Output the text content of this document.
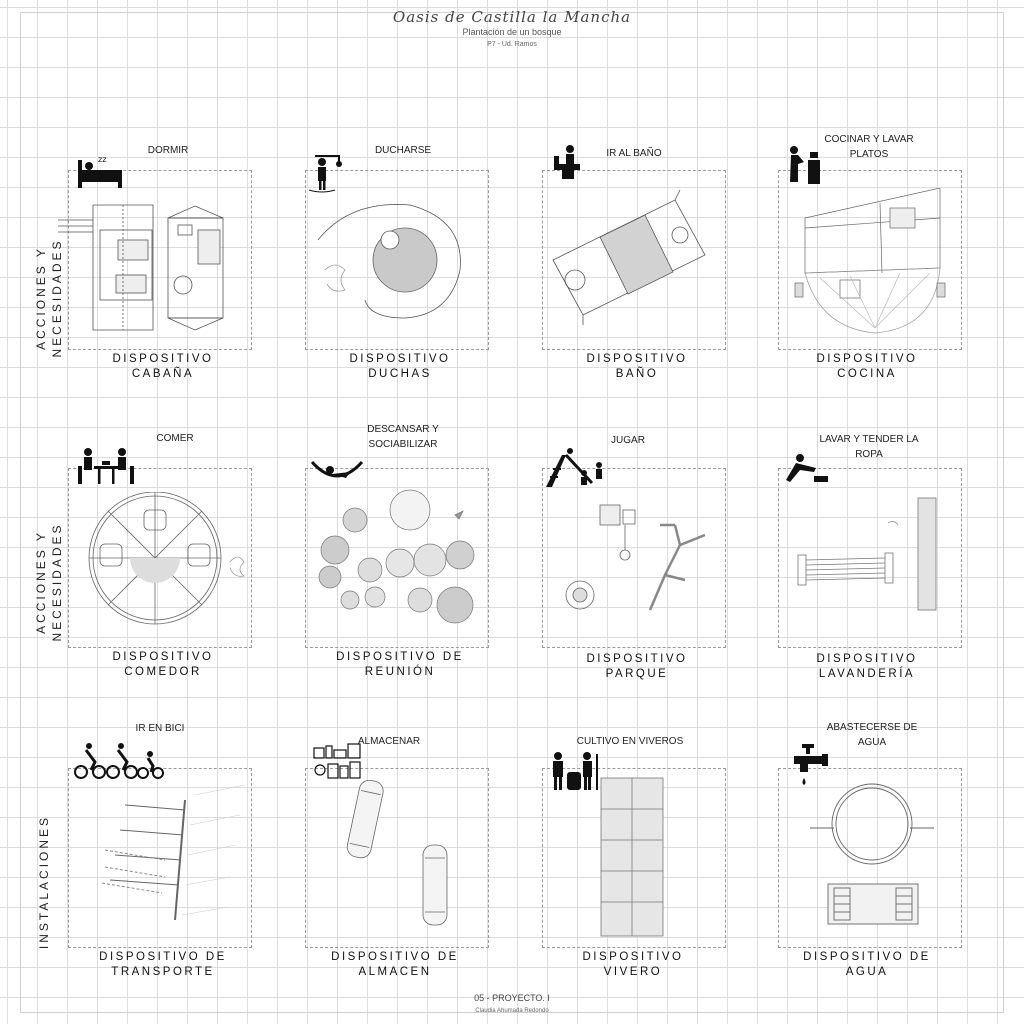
Oasis de Castilla la Mancha
Plantación de un bosque
P7 - Ud. Ramos
ACCIONES Y NECESIDADES
ACCIONES Y NECESIDADES
INSTALACIONES
DORMIR
zz
DISPOSITIVO
CABAÑA
DUCHARSE
DISPOSITIVO
DUCHAS
IR AL BAÑO
DISPOSITIVO
BAÑO
COCINAR Y LAVAR
PLATOS
DISPOSITIVO
COCINA
COMER
DISPOSITIVO
COMEDOR
DESCANSAR Y
SOCIABILIZAR
DISPOSITIVO DE
REUNIÓN
JUGAR
DISPOSITIVO
PARQUE
LAVAR Y TENDER LA
ROPA
DISPOSITIVO
LAVANDERÍA
IR EN BICI
DISPOSITIVO DE
TRANSPORTE
ALMACENAR
DISPOSITIVO DE
ALMACEN
CULTIVO EN VIVEROS
DISPOSITIVO
VIVERO
ABASTECERSE DE
AGUA
DISPOSITIVO DE
AGUA
05 - PROYECTO. I
Claudia Ahumada Redondo
